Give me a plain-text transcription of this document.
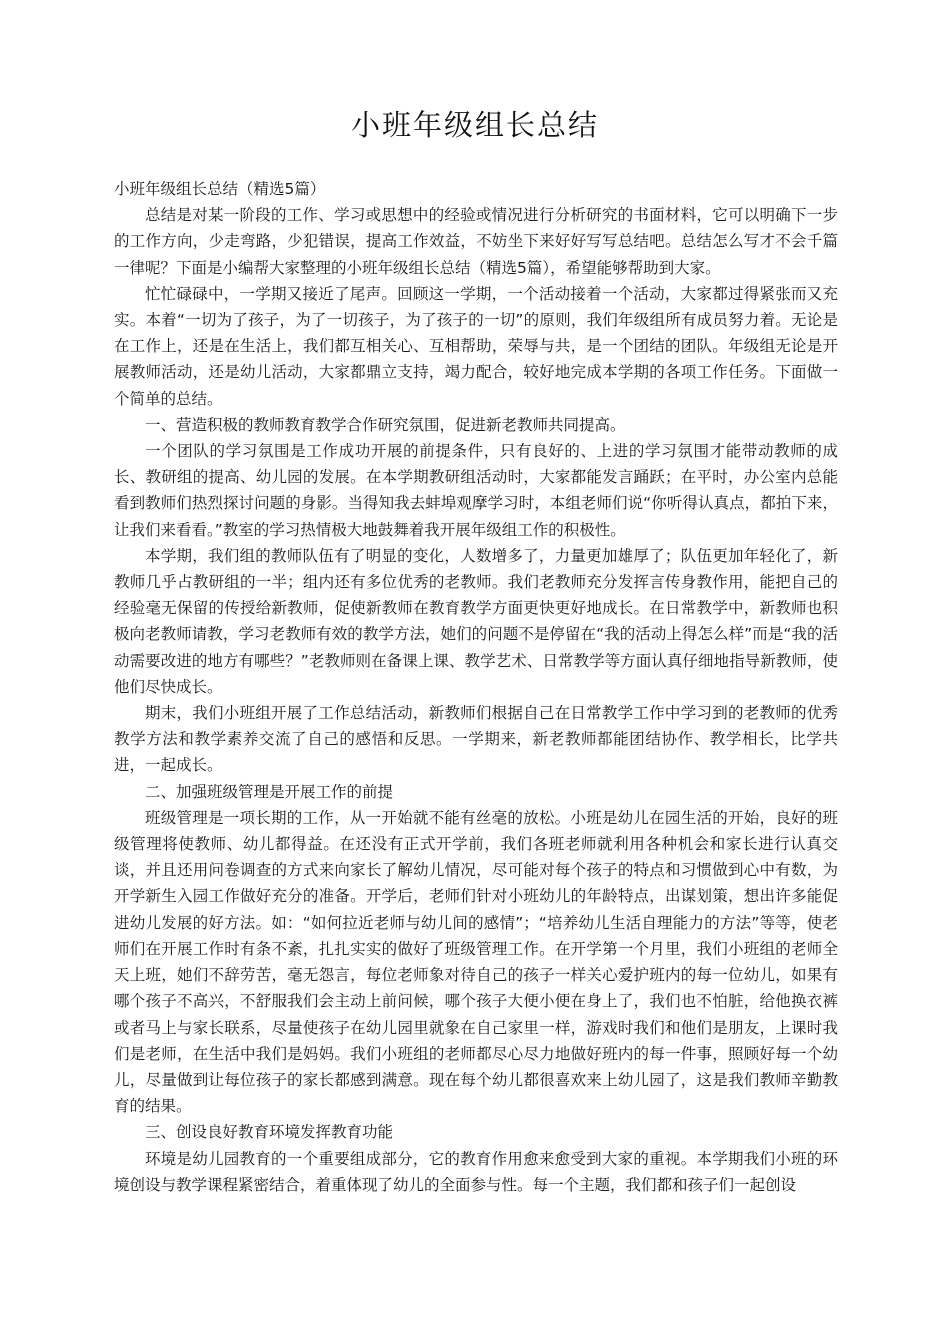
小班年级组长总结

小班年级组长总结（精选5篇）

总结是对某一阶段的工作、学习或思想中的经验或情况进行分析研究的书面材料，它可以明确下一步的工作方向，少走弯路，少犯错误，提高工作效益，不妨坐下来好好写写总结吧。总结怎么写才不会千篇一律呢？下面是小编帮大家整理的小班年级组长总结（精选5篇），希望能够帮助到大家。

忙忙碌碌中，一学期又接近了尾声。回顾这一学期，一个活动接着一个活动，大家都过得紧张而又充实。本着“一切为了孩子，为了一切孩子，为了孩子的一切”的原则，我们年级组所有成员努力着。无论是在工作上，还是在生活上，我们都互相关心、互相帮助，荣辱与共，是一个团结的团队。年级组无论是开展教师活动，还是幼儿活动，大家都鼎立支持，竭力配合，较好地完成本学期的各项工作任务。下面做一个简单的总结。

一、营造积极的教师教育教学合作研究氛围，促进新老教师共同提高。

一个团队的学习氛围是工作成功开展的前提条件，只有良好的、上进的学习氛围才能带动教师的成长、教研组的提高、幼儿园的发展。在本学期教研组活动时，大家都能发言踊跃；在平时，办公室内总能看到教师们热烈探讨问题的身影。当得知我去蚌埠观摩学习时，本组老师们说“你听得认真点，都拍下来，让我们来看看。”教室的学习热情极大地鼓舞着我开展年级组工作的积极性。

本学期，我们组的教师队伍有了明显的变化，人数增多了，力量更加雄厚了；队伍更加年轻化了，新教师几乎占教研组的一半；组内还有多位优秀的老教师。我们老教师充分发挥言传身教作用，能把自己的经验毫无保留的传授给新教师，促使新教师在教育教学方面更快更好地成长。在日常教学中，新教师也积极向老教师请教，学习老教师有效的教学方法，她们的问题不是停留在“我的活动上得怎么样”而是“我的活动需要改进的地方有哪些？”老教师则在备课上课、教学艺术、日常教学等方面认真仔细地指导新教师，使他们尽快成长。

期末，我们小班组开展了工作总结活动，新教师们根据自己在日常教学工作中学习到的老教师的优秀教学方法和教学素养交流了自己的感悟和反思。一学期来，新老教师都能团结协作、教学相长，比学共进，一起成长。

二、加强班级管理是开展工作的前提

班级管理是一项长期的工作，从一开始就不能有丝毫的放松。小班是幼儿在园生活的开始，良好的班级管理将使教师、幼儿都得益。在还没有正式开学前，我们各班老师就利用各种机会和家长进行认真交谈，并且还用问卷调查的方式来向家长了解幼儿情况，尽可能对每个孩子的特点和习惯做到心中有数，为开学新生入园工作做好充分的准备。开学后，老师们针对小班幼儿的年龄特点，出谋划策，想出许多能促进幼儿发展的好方法。如：“如何拉近老师与幼儿间的感情”；“培养幼儿生活自理能力的方法”等等，使老师们在开展工作时有条不紊，扎扎实实的做好了班级管理工作。在开学第一个月里，我们小班组的老师全天上班，她们不辞劳苦，毫无怨言，每位老师象对待自己的孩子一样关心爱护班内的每一位幼儿，如果有哪个孩子不高兴，不舒服我们会主动上前问候，哪个孩子大便小便在身上了，我们也不怕脏，给他换衣裤或者马上与家长联系，尽量使孩子在幼儿园里就象在自己家里一样，游戏时我们和他们是朋友，上课时我们是老师，在生活中我们是妈妈。我们小班组的老师都尽心尽力地做好班内的每一件事，照顾好每一个幼儿，尽量做到让每位孩子的家长都感到满意。现在每个幼儿都很喜欢来上幼儿园了，这是我们教师辛勤教育的结果。

三、创设良好教育环境发挥教育功能

环境是幼儿园教育的一个重要组成部分，它的教育作用愈来愈受到大家的重视。本学期我们小班的环境创设与教学课程紧密结合，着重体现了幼儿的全面参与性。每一个主题，我们都和孩子们一起创设
